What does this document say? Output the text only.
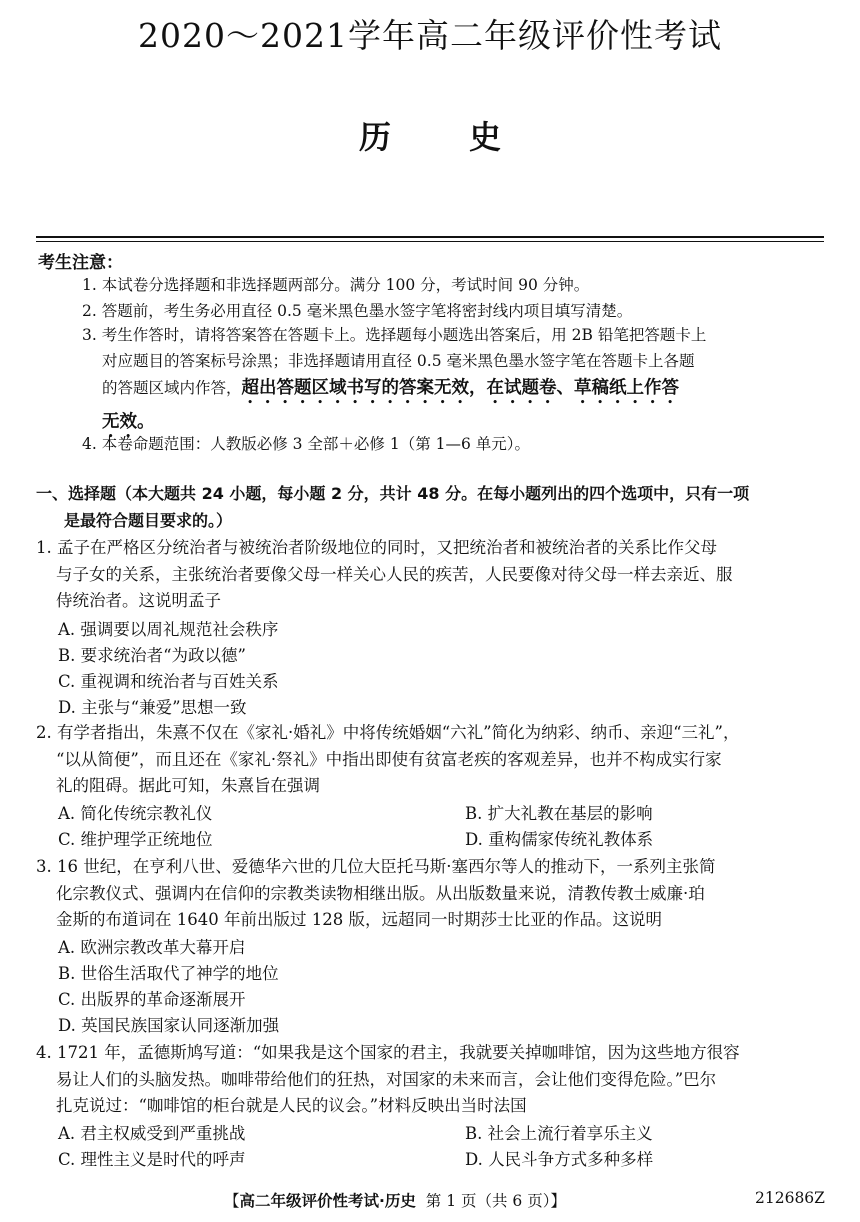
2020～2021学年高二年级评价性考试
历史
考生注意：
1. 本试卷分选择题和非选择题两部分。满分 100 分，考试时间 90 分钟。
2. 答题前，考生务必用直径 0.5 毫米黑色墨水签字笔将密封线内项目填写清楚。
3. 考生作答时，请将答案答在答题卡上。选择题每小题选出答案后，用 2B 铅笔把答题卡上
对应题目的答案标号涂黑；非选择题请用直径 0.5 毫米黑色墨水签字笔在答题卡上各题
的答题区域内作答，超出答题区域书写的答案无效，在试题卷、草稿纸上作答
无效。
4. 本卷命题范围：人教版必修 3 全部＋必修 1（第 1—6 单元）。
一、选择题（本大题共 24 小题，每小题 2 分，共计 48 分。在每小题列出的四个选项中，只有一项
是最符合题目要求的。）
1. 孟子在严格区分统治者与被统治者阶级地位的同时，又把统治者和被统治者的关系比作父母
与子女的关系，主张统治者要像父母一样关心人民的疾苦，人民要像对待父母一样去亲近、服
侍统治者。这说明孟子
A. 强调要以周礼规范社会秩序
B. 要求统治者“为政以德”
C. 重视调和统治者与百姓关系
D. 主张与“兼爱”思想一致
2. 有学者指出，朱熹不仅在《家礼·婚礼》中将传统婚姻“六礼”简化为纳彩、纳币、亲迎“三礼”，
“以从简便”，而且还在《家礼·祭礼》中指出即使有贫富老疾的客观差异，也并不构成实行家
礼的阻碍。据此可知，朱熹旨在强调
A. 简化传统宗教礼仪	B. 扩大礼教在基层的影响
C. 维护理学正统地位	D. 重构儒家传统礼教体系
3. 16 世纪，在亨利八世、爱德华六世的几位大臣托马斯·塞西尔等人的推动下，一系列主张简
化宗教仪式、强调内在信仰的宗教类读物相继出版。从出版数量来说，清教传教士威廉·珀
金斯的布道词在 1640 年前出版过 128 版，远超同一时期莎士比亚的作品。这说明
A. 欧洲宗教改革大幕开启
B. 世俗生活取代了神学的地位
C. 出版界的革命逐渐展开
D. 英国民族国家认同逐渐加强
4. 1721 年，孟德斯鸠写道：“如果我是这个国家的君主，我就要关掉咖啡馆，因为这些地方很容
易让人们的头脑发热。咖啡带给他们的狂热，对国家的未来而言，会让他们变得危险。”巴尔
扎克说过：“咖啡馆的柜台就是人民的议会。”材料反映出当时法国
A. 君主权威受到严重挑战	B. 社会上流行着享乐主义
C. 理性主义是时代的呼声	D. 人民斗争方式多种多样
【高二年级评价性考试·历史 第 1 页（共 6 页）】	212686Z
